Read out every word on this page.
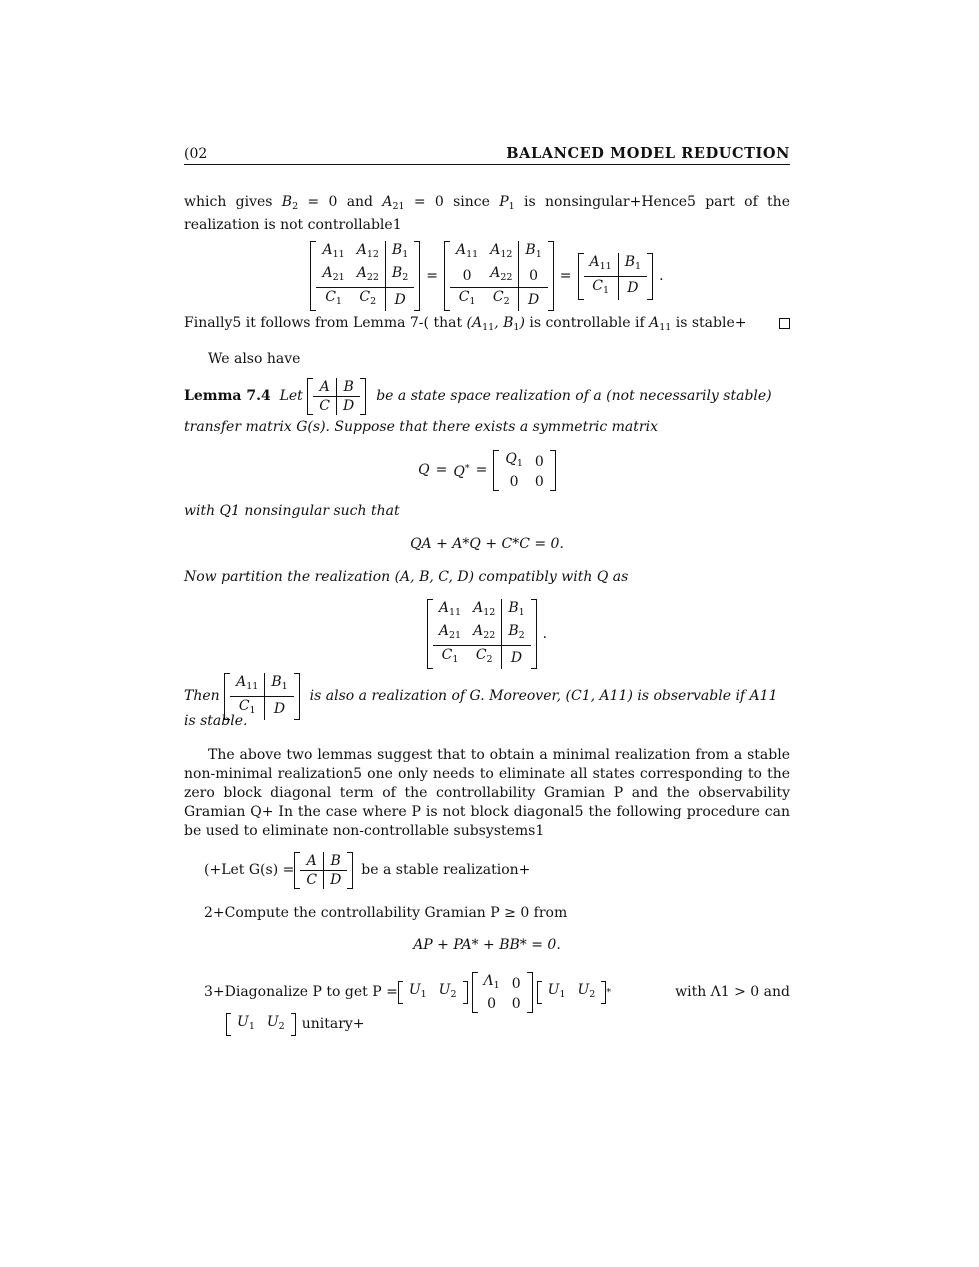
(02	BALANCED MODEL REDUCTION
which gives $B_2 = 0$ and $A_{21} = 0$ since $P_1$ is nonsingular+Hence5 part of the realization is not controllable1
$A_{11}$	$A_{12}$	$B_1$
$A_{21}$	$A_{22}$	$B_2$
$C_1$	$C_2$	D
=
$A_{11}$	$A_{12}$	$B_1$
0	$A_{22}$	0
$C_1$	$C_2$	D
=
$A_{11}$	$B_1$
$C_1$	D
.
Finally5 it follows from Lemma 7-( that ($A_{11}$, $B_1$) is controllable if $A_{11}$ is stable+
We also have
Lemma 7.4 Let
A	B
C	D
be a state space realization of a (not necessarily stable)
transfer matrix G(s). Suppose that there exists a symmetric matrix
Q = Q* =
$Q_1$	0
0	0
with Q1 nonsingular such that
QA + A*Q + C*C = 0.
Now partition the realization (A, B, C, D) compatibly with Q as
$A_{11}$	$A_{12}$	$B_1$
$A_{21}$	$A_{22}$	$B_2$
$C_1$	$C_2$	D
.
Then

$A_{11}$	$B_1$
$C_1$	D
is also a realization of G. Moreover, (C1, A11) is observable if A11
is stable.
The above two lemmas suggest that to obtain a minimal realization from a stable non-minimal realization5 one only needs to eliminate all states corresponding to the zero block diagonal term of the controllability Gramian P and the observability Gramian Q+ In the case where P is not block diagonal5 the following procedure can be used to eliminate non-controllable subsystems1
(+ Let G(s) =
A	B
C	D
be a stable realization+
2+Compute the controllability Gramian P ≥ 0 from
AP + PA* + BB* = 0.
3+Diagonalize P to get $P = U_1$	$U_2$
$\Lambda_1$	0
0	0
$U_1$	$U_2$ *	with Λ1 > 0 and
$U_1$	$U_2$	unitary+
